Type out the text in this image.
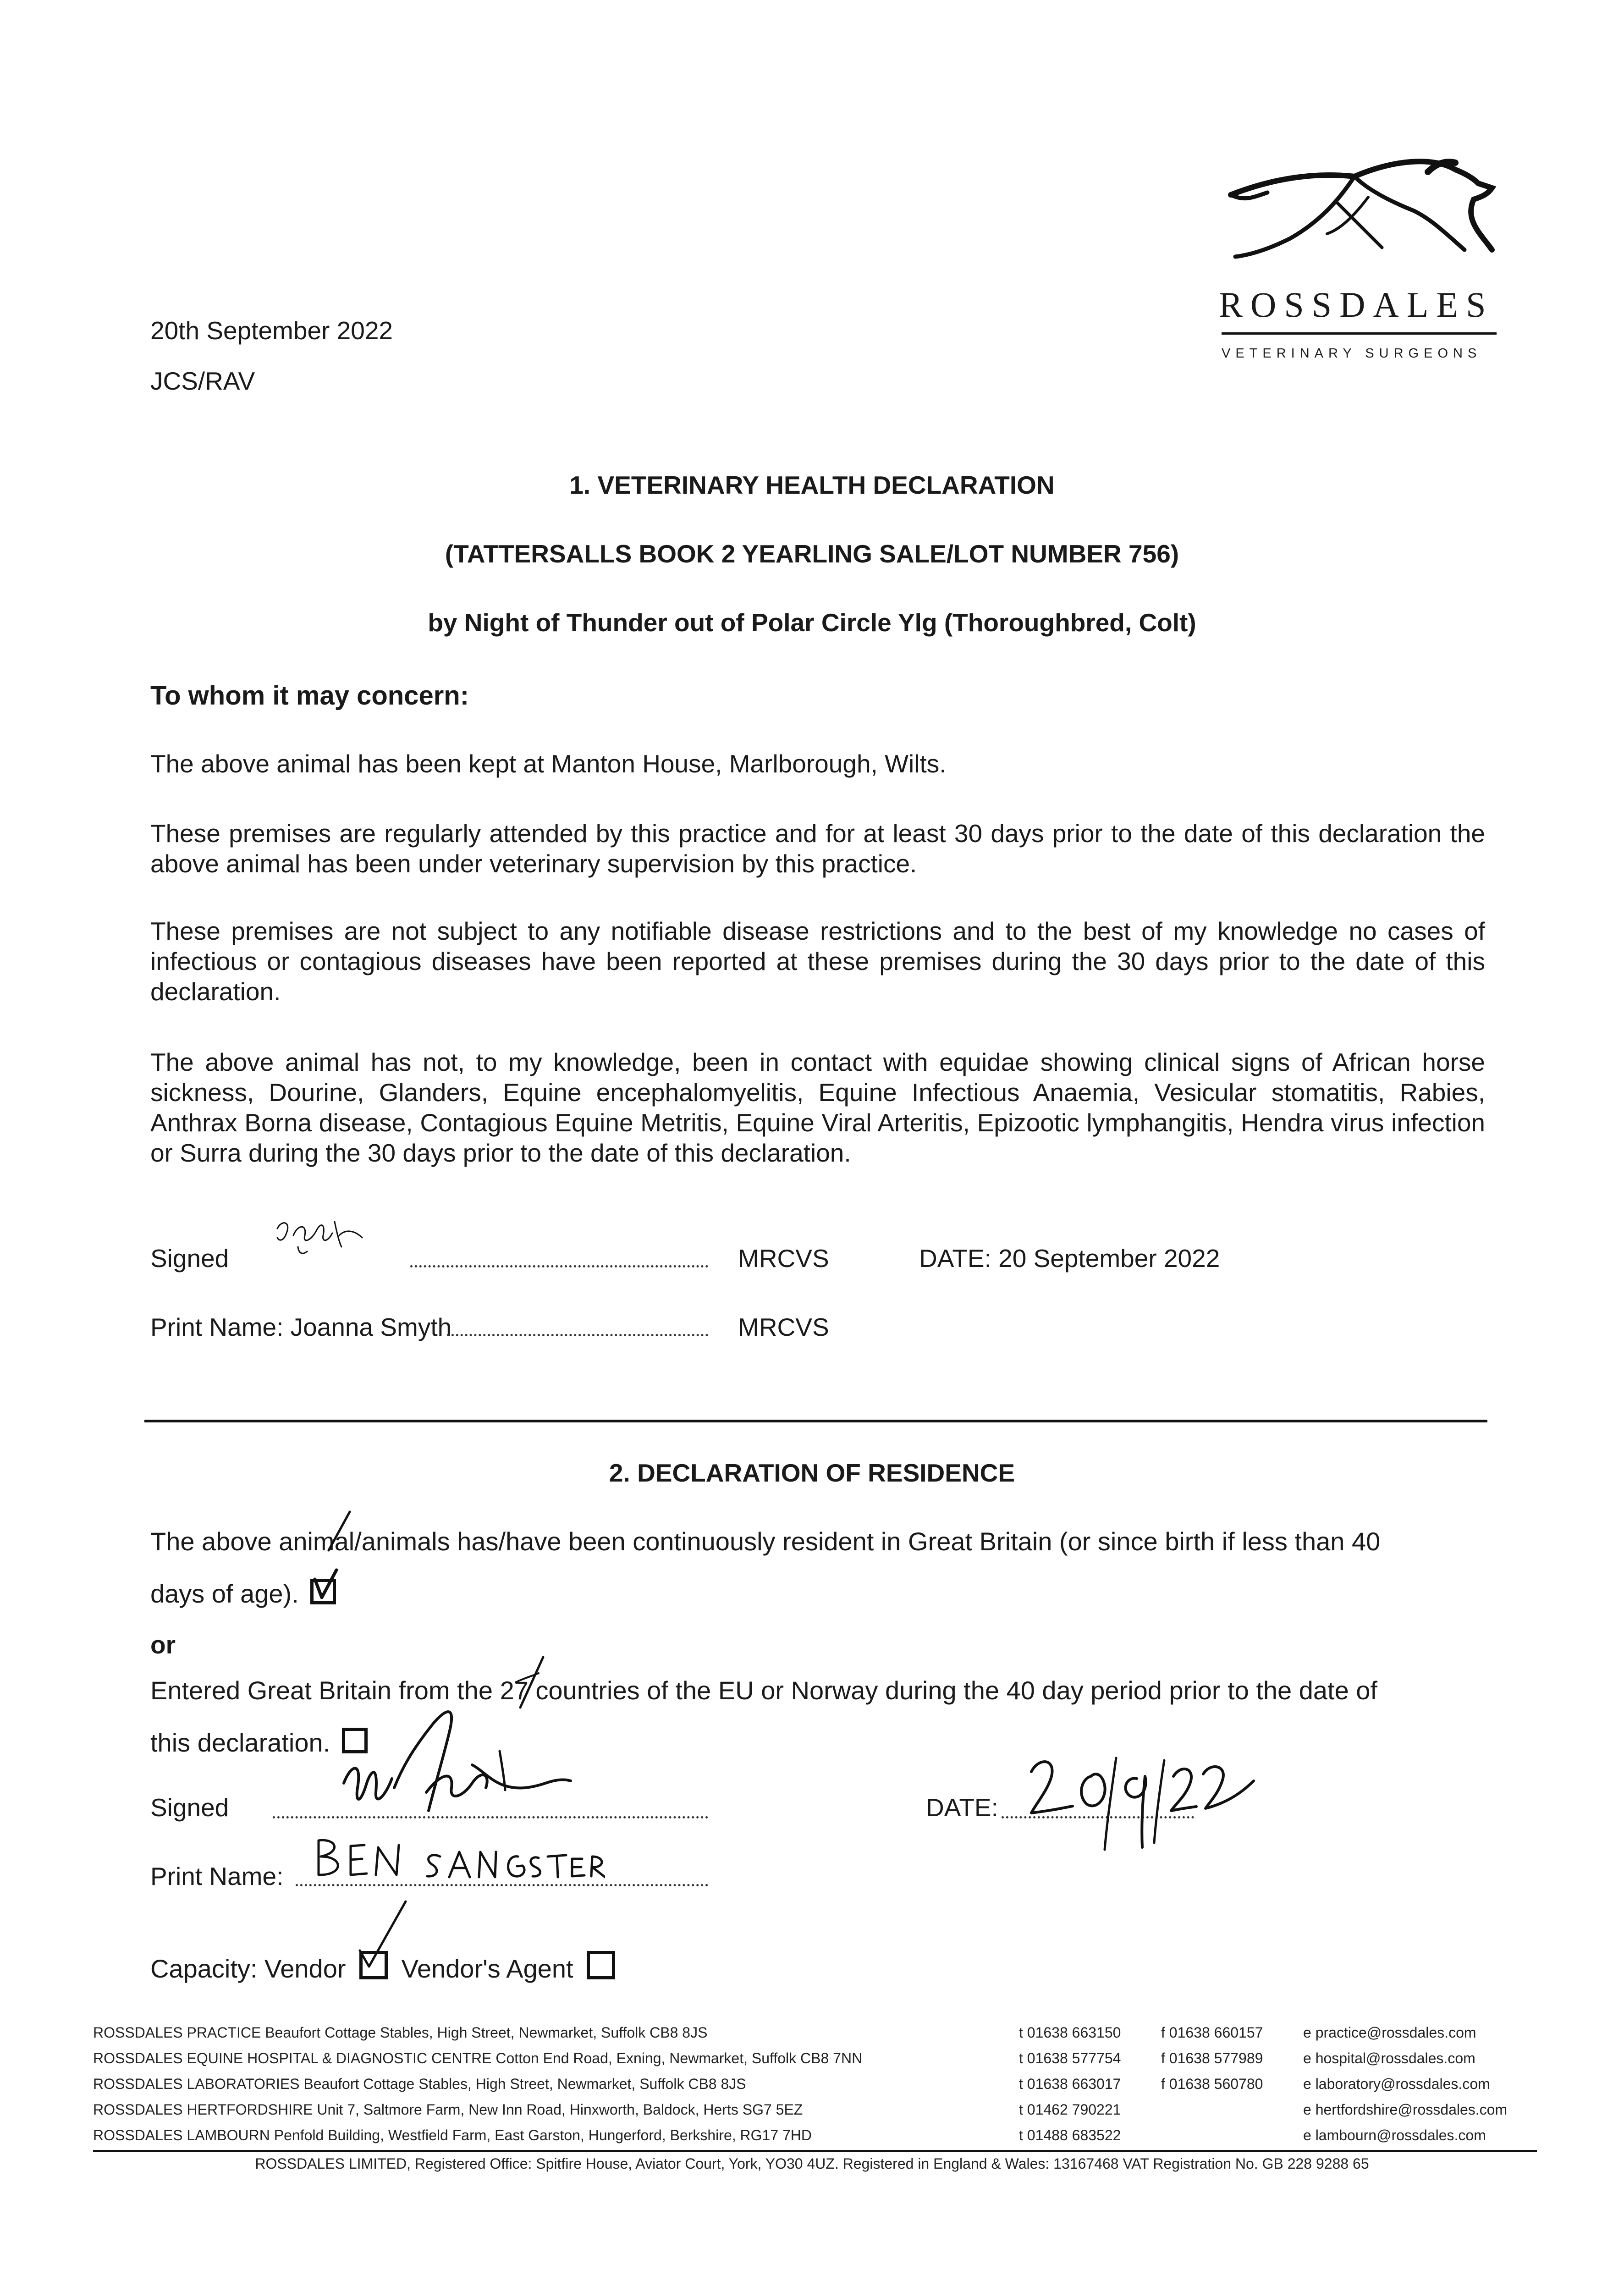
ROSSDALES
VETERINARY SURGEONS
20th September 2022
JCS/RAV
1. VETERINARY HEALTH DECLARATION
(TATTERSALLS BOOK 2 YEARLING SALE/LOT NUMBER 756)
by Night of Thunder out of Polar Circle Ylg (Thoroughbred, Colt)
To whom it may concern:
The above animal has been kept at Manton House, Marlborough, Wilts.
These premises are regularly attended by this practice and for at least 30 days prior to the date of this declaration the above animal has been under veterinary supervision by this practice.
These premises are not subject to any notifiable disease restrictions and to the best of my knowledge no cases of infectious or contagious diseases have been reported at these premises during the 30 days prior to the date of this declaration.
The above animal has not, to my knowledge, been in contact with equidae showing clinical signs of African horse sickness, Dourine, Glanders, Equine encephalomyelitis, Equine Infectious Anaemia, Vesicular stomatitis, Rabies, Anthrax Borna disease, Contagious Equine Metritis, Equine Viral Arteritis, Epizootic lymphangitis, Hendra virus infection or Surra during the 30 days prior to the date of this declaration.
Signed	MRCVS	DATE: 20 September 2022
Print Name: Joanna Smyth	MRCVS
2. DECLARATION OF RESIDENCE
The above animal/animals has/have been continuously resident in Great Britain (or since birth if less than 40
days of age).
or
Entered Great Britain from the 27 countries of the EU or Norway during the 40 day period prior to the date of
this declaration.
Signed	DATE:
Print Name:
Capacity: Vendor Vendor's Agent
ROSSDALES PRACTICE Beaufort Cottage Stables, High Street, Newmarket, Suffolk CB8 8JS	t 01638 663150	f 01638 660157	e practice@rossdales.com
ROSSDALES EQUINE HOSPITAL & DIAGNOSTIC CENTRE Cotton End Road, Exning, Newmarket, Suffolk CB8 7NN	t 01638 577754	f 01638 577989	e hospital@rossdales.com
ROSSDALES LABORATORIES Beaufort Cottage Stables, High Street, Newmarket, Suffolk CB8 8JS	t 01638 663017	f 01638 560780	e laboratory@rossdales.com
ROSSDALES HERTFORDSHIRE Unit 7, Saltmore Farm, New Inn Road, Hinxworth, Baldock, Herts SG7 5EZ	t 01462 790221	e hertfordshire@rossdales.com
ROSSDALES LAMBOURN Penfold Building, Westfield Farm, East Garston, Hungerford, Berkshire, RG17 7HD	t 01488 683522	e lambourn@rossdales.com
ROSSDALES LIMITED, Registered Office: Spitfire House, Aviator Court, York, YO30 4UZ. Registered in England & Wales: 13167468 VAT Registration No. GB 228 9288 65
